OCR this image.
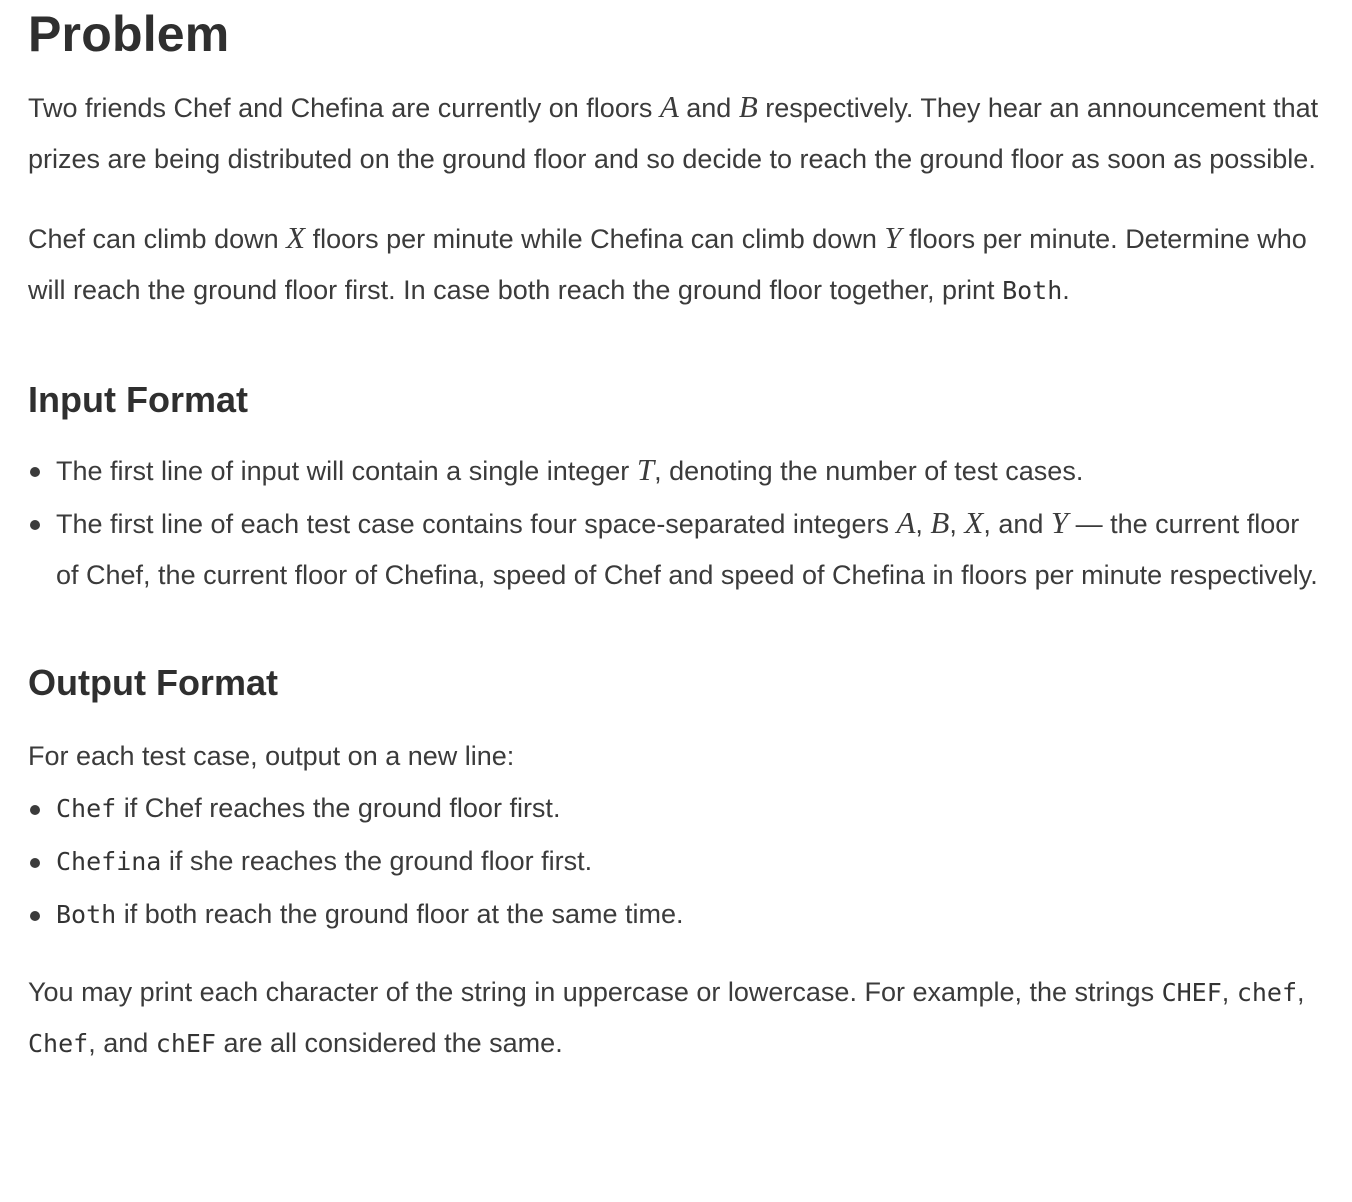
Problem

Two friends Chef and Chefina are currently on floors A and B respectively. They hear an announcement that prizes are being distributed on the ground floor and so decide to reach the ground floor as soon as possible.

Chef can climb down X floors per minute while Chefina can climb down Y floors per minute. Determine who will reach the ground floor first. In case both reach the ground floor together, print Both.

Input Format
The first line of input will contain a single integer T, denoting the number of test cases.
The first line of each test case contains four space-separated integers A, B, X, and Y — the current floor of Chef, the current floor of Chefina, speed of Chef and speed of Chefina in floors per minute respectively.
Output Format

For each test case, output on a new line:

Chef if Chef reaches the ground floor first.
Chefina if she reaches the ground floor first.
Both if both reach the ground floor at the same time.

You may print each character of the string in uppercase or lowercase. For example, the strings CHEF, chef, Chef, and chEF are all considered the same.
